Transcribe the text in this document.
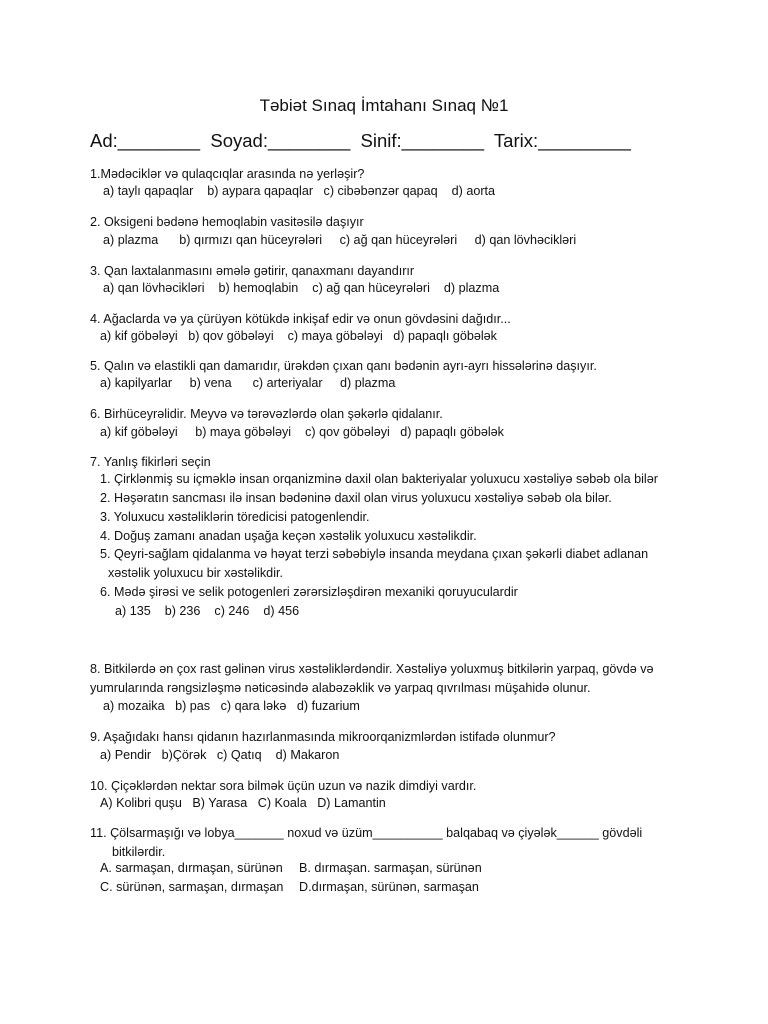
Təbiət Sınaq İmtahanı Sınaq №1
Ad:________  Soyad:________  Sinif:________  Tarix:_________
1.Mədəciklər və qulaqcıqlar arasında nə yerləşir?
a) taylı qapaqlar    b) aypara qapaqlar   c) cibəbənzər qapaq    d) aorta
2. Oksigeni bədənə hemoqlabin vasitəsilə daşıyır
a) plazma      b) qırmızı qan hüceyrələri     c) ağ qan hüceyrələri     d) qan lövhəcikləri
3. Qan laxtalanmasını əmələ gətirir, qanaxmanı dayandırır
a) qan lövhəcikləri    b) hemoqlabin    c) ağ qan hüceyrələri    d) plazma
4. Ağaclarda və ya çürüyən kötükdə inkişaf edir və onun gövdəsini dağıdır...
a) kif göbələyi   b) qov göbələyi    c) maya göbələyi   d) papaqlı göbələk
5. Qalın və elastikli qan damarıdır, ürəkdən çıxan qanı bədənin ayrı-ayrı hissələrinə daşıyır.
a) kapilyarlar     b) vena      c) arteriyalar     d) plazma
6. Birhüceyrəlidir. Meyvə və tərəvəzlərdə olan şəkərlə qidalanır.
a) kif göbələyi     b) maya göbələyi    c) qov göbələyi   d) papaqlı göbələk
7. Yanlış fikirləri seçin
1. Çirklənmiş su içməklə insan orqanizminə daxil olan bakteriyalar yoluxucu xəstəliyə səbəb ola bilər
2. Həşəratın sancması ilə insan bədəninə daxil olan virus yoluxucu xəstəliyə səbəb ola bilər.
3. Yoluxucu xəstəliklərin töredicisi patogenlendir.
4. Doğuş zamanı anadan uşağa keçən xəstəlik yoluxucu xəstəlikdir.
5. Qeyri-sağlam qidalanma və həyat terzi səbəbiylə insanda meydana çıxan şəkərli diabet adlanan
xəstəlik yoluxucu bir xəstəlikdir.
6. Mədə şirəsi ve selik potogenleri zərərsizləşdirən mexaniki qoruyuculardir
a) 135    b) 236    c) 246    d) 456
8. Bitkilərdə ən çox rast gəlinən virus xəstəliklərdəndir. Xəstəliyə yoluxmuş bitkilərin yarpaq, gövdə və
yumrularında rəngsizləşmə nəticəsində alabəzəklik və yarpaq qıvrılması müşahidə olunur.
a) mozaika   b) pas   c) qara ləkə   d) fuzarium
9. Aşağıdakı hansı qidanın hazırlanmasında mikroorqanizmlərdən istifadə olunmur?
a) Pendir   b)Çörək   c) Qatıq    d) Makaron
10. Çiçəklərdən nektar sora bilmək üçün uzun və nazik dimdiyi vardır.
A) Kolibri quşu   B) Yarasa   C) Koala   D) Lamantin
11. Çölsarmaşığı və lobya_______ noxud və üzüm__________ balqabaq və çiyələk______ gövdəli
bitkilərdir.
A. sarmaşan, dırmaşan, sürünən B. dırmaşan. sarmaşan, sürünən
C. sürünən, sarmaşan, dırmaşan D.dırmaşan, sürünən, sarmaşan
